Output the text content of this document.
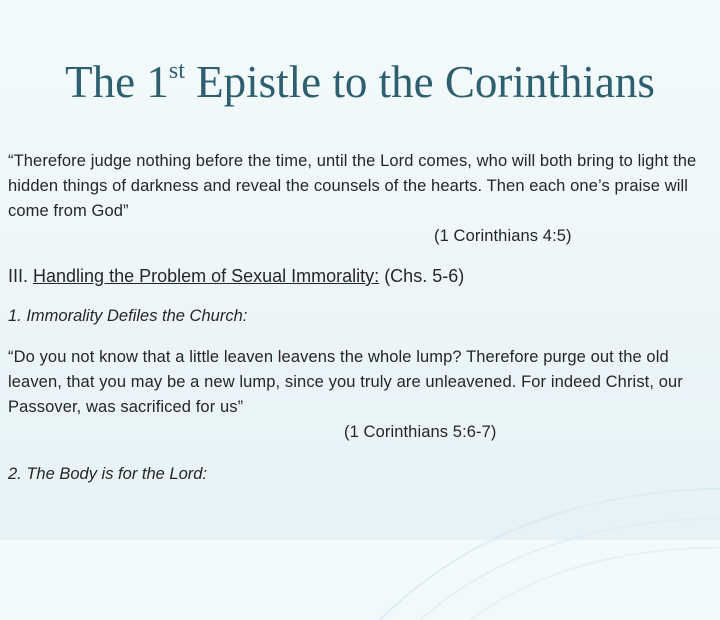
The 1st Epistle to the Corinthians
“Therefore judge nothing before the time, until the Lord comes, who will both bring to light the hidden things of darkness and reveal the counsels of the hearts. Then each one’s praise will come from God”
(1 Corinthians 4:5)
III. Handling the Problem of Sexual Immorality: (Chs. 5-6)
1. Immorality Defiles the Church:
“Do you not know that a little leaven leavens the whole lump? Therefore purge out the old leaven, that you may be a new lump, since you truly are unleavened. For indeed Christ, our Passover, was sacrificed for us”
(1 Corinthians 5:6-7)
2. The Body is for the Lord:
